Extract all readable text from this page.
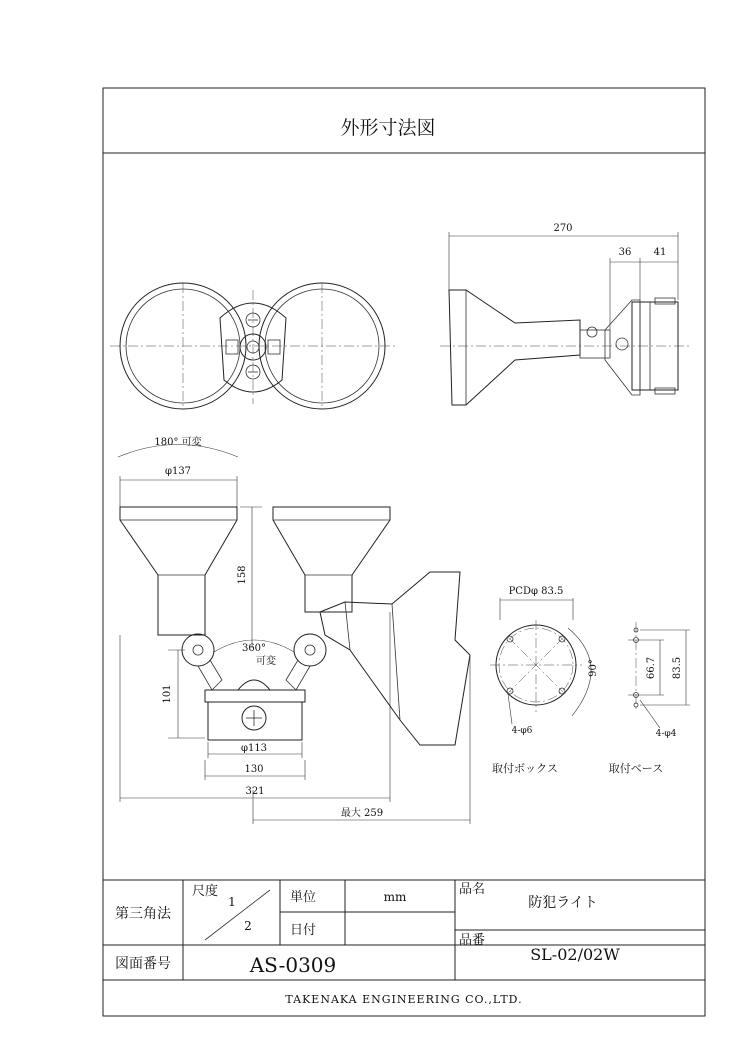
外形寸法図
270
36 41
180° 可変
φ137
158
360°
可変
101
φ113
130
321
最大 259
PCDφ 83.5
90°
4-φ6
取付ボックス
66.7 83.5
4-φ4
取付ベース
第三角法
尺度
1
2
単位	mm
日付
品名
防犯ライト
品番
SL-02/02W
図面番号	AS-0309
TAKENAKA ENGINEERING CO.,LTD.
